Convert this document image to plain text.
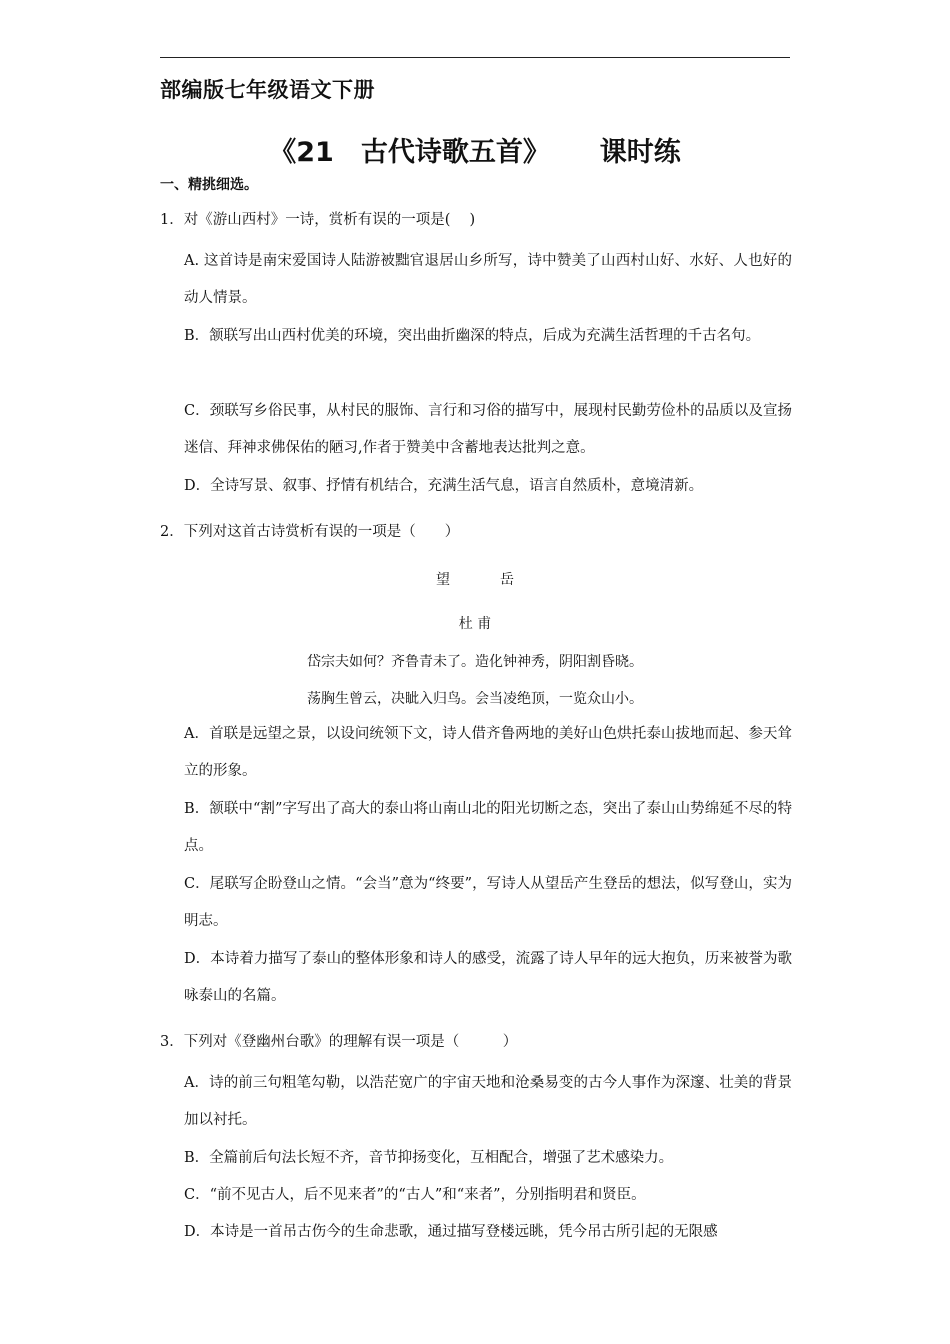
部编版七年级语文下册
《21　古代诗歌五首》　　 课时练
一、精挑细选。
1．对《游山西村》一诗，赏析有误的一项是(　 )
A. 这首诗是南宋爱国诗人陆游被黜官退居山乡所写，诗中赞美了山西村山好、水好、人也好的动人情景。
B．颔联写出山西村优美的环境，突出曲折幽深的特点，后成为充满生活哲理的千古名句。
C．颈联写乡俗民事，从村民的服饰、言行和习俗的描写中，展现村民勤劳俭朴的品质以及宣扬迷信、拜神求佛保佑的陋习,作者于赞美中含蓄地表达批判之意。
D．全诗写景、叙事、抒情有机结合，充满生活气息，语言自然质朴，意境清新。
2．下列对这首古诗赏析有误的一项是（　　）
望	岳
杜 甫
岱宗夫如何？齐鲁青未了。造化钟神秀，阴阳割昏晓。
荡胸生曾云，决眦入归鸟。会当凌绝顶，一览众山小。
A．首联是远望之景，以设问统领下文，诗人借齐鲁两地的美好山色烘托泰山拔地而起、参天耸立的形象。
B．颔联中“割”字写出了高大的泰山将山南山北的阳光切断之态，突出了泰山山势绵延不尽的特点。
C．尾联写企盼登山之情。“会当”意为“终要”，写诗人从望岳产生登岳的想法，似写登山，实为明志。
D．本诗着力描写了泰山的整体形象和诗人的感受，流露了诗人早年的远大抱负，历来被誉为歌咏泰山的名篇。
3．下列对《登幽州台歌》的理解有误一项是（　　　）
A．诗的前三句粗笔勾勒，以浩茫宽广的宇宙天地和沧桑易变的古今人事作为深邃、壮美的背景加以衬托。
B．全篇前后句法长短不齐，音节抑扬变化，互相配合，增强了艺术感染力。
C．“前不见古人，后不见来者”的“古人”和“来者”，分别指明君和贤臣。
D．本诗是一首吊古伤今的生命悲歌，通过描写登楼远眺，凭今吊古所引起的无限感
